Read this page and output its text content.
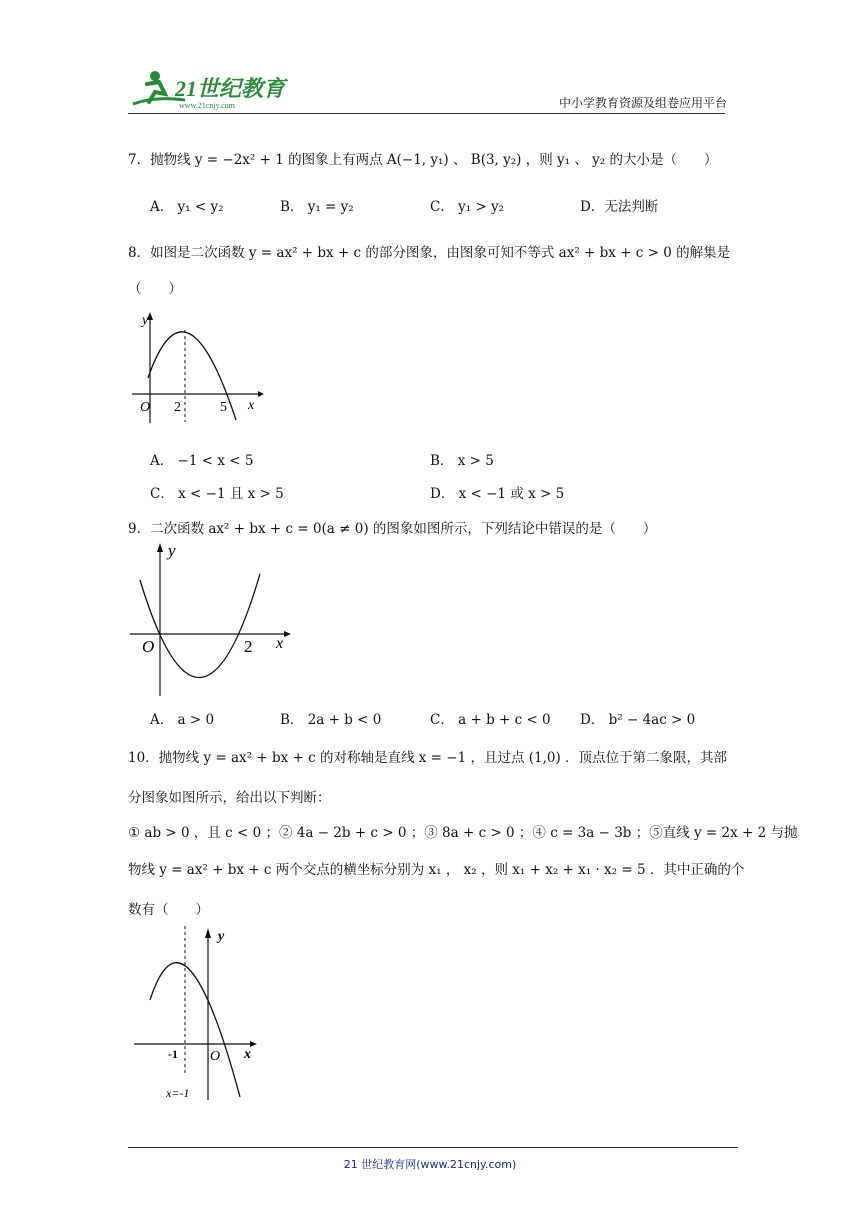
21世纪教育
www.21cnjy.com	中小学教育资源及组卷应用平台
7．抛物线 y = −2x² + 1 的图象上有两点 A(−1, y₁) 、 B(3, y₂) ，则 y₁ 、 y₂ 的大小是（　　）
A． y₁ < y₂	B． y₁ = y₂	C． y₁ > y₂	D．无法判断
8．如图是二次函数 y = ax² + bx + c 的部分图象，由图象可知不等式 ax² + bx + c > 0 的解集是
（　　）
y
x
O 2	5
A． −1 < x < 5	B． x > 5
C． x < −1 且 x > 5	D． x < −1 或 x > 5
9．二次函数 ax² + bx + c = 0(a ≠ 0) 的图象如图所示，下列结论中错误的是（　　）
y
x
O	2
A． a > 0	B． 2a + b < 0	C． a + b + c < 0 D． b² − 4ac > 0
10．抛物线 y = ax² + bx + c 的对称轴是直线 x = −1 ，且过点 (1,0) ．顶点位于第二象限，其部
分图象如图所示，给出以下判断：
① ab > 0 ，且 c < 0 ；② 4a − 2b + c > 0 ；③ 8a + c > 0 ；④ c = 3a − 3b ；⑤直线 y = 2x + 2 与抛
物线 y = ax² + bx + c 两个交点的横坐标分别为 x₁ ， x₂ ，则 x₁ + x₂ + x₁ · x₂ = 5 ．其中正确的个
数有（　　）
y
x
O
-1
x=-1
21 世纪教育网(www.21cnjy.com)
